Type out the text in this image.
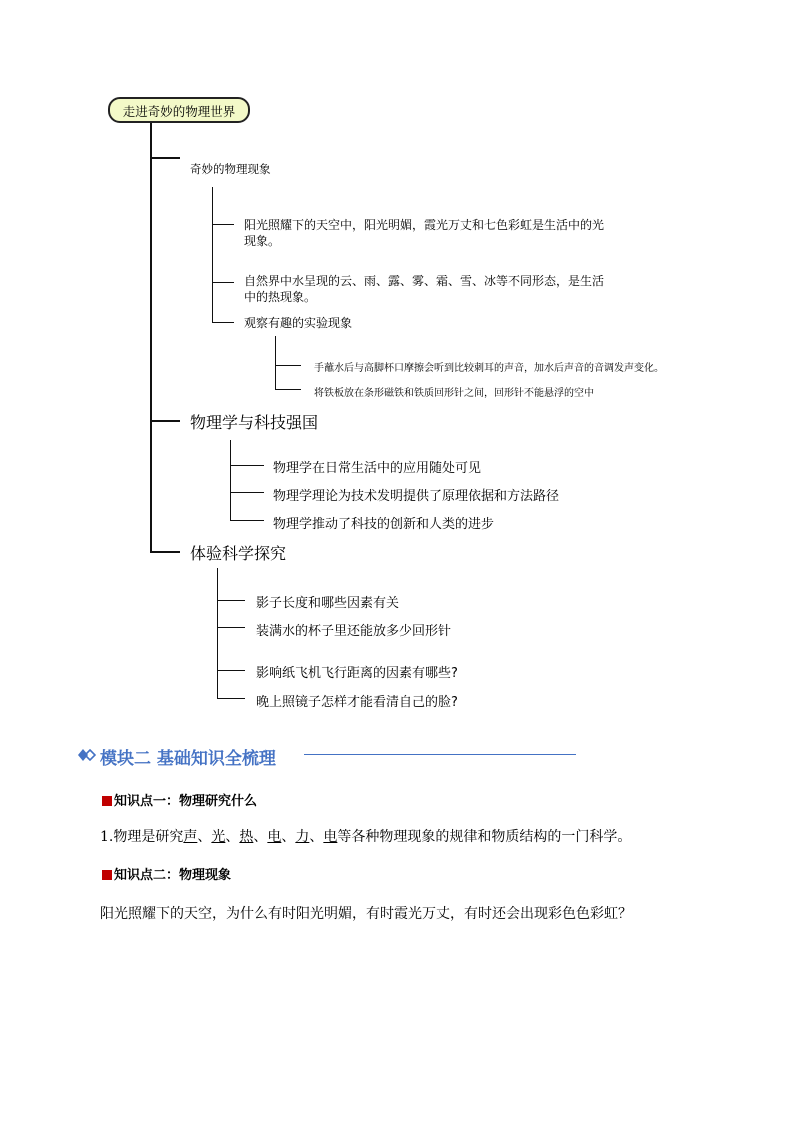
走进奇妙的物理世界
奇妙的物理现象
阳光照耀下的天空中，阳光明媚，霞光万丈和七色彩虹是生活中的光现象。
自然界中水呈现的云、雨、露、雾、霜、雪、冰等不同形态，是生活中的热现象。
观察有趣的实验现象
手蘸水后与高脚杯口摩擦会听到比较刺耳的声音，加水后声音的音调发声变化。
将铁板放在条形磁铁和铁质回形针之间，回形针不能悬浮的空中
物理学与科技强国
物理学在日常生活中的应用随处可见
物理学理论为技术发明提供了原理依据和方法路径
物理学推动了科技的创新和人类的进步
体验科学探究
影子长度和哪些因素有关
装满水的杯子里还能放多少回形针
影响纸飞机飞行距离的因素有哪些?
晚上照镜子怎样才能看清自己的脸?
模块二 基础知识全梳理
知识点一：物理研究什么
1.物理是研究声、光、热、电、力、电等各种物理现象的规律和物质结构的一门科学。
知识点二：物理现象
阳光照耀下的天空，为什么有时阳光明媚，有时霞光万丈，有时还会出现彩色色彩虹？
